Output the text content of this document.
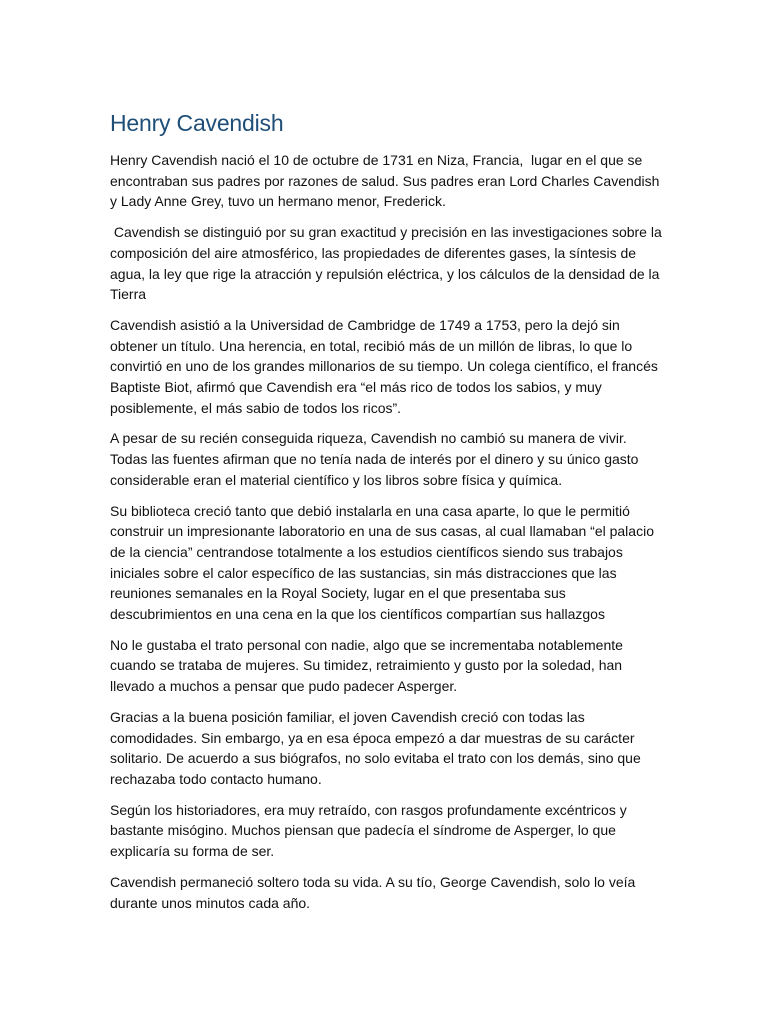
Henry Cavendish

Henry Cavendish nació el 10 de octubre de 1731 en Niza, Francia,  lugar en el que se encontraban sus padres por razones de salud. Sus padres eran Lord Charles Cavendish y Lady Anne Grey, tuvo un hermano menor, Frederick.

Cavendish se distinguió por su gran exactitud y precisión en las investigaciones sobre la composición del aire atmosférico, las propiedades de diferentes gases, la síntesis de agua, la ley que rige la atracción y repulsión eléctrica, y los cálculos de la densidad de la Tierra

Cavendish asistió a la Universidad de Cambridge de 1749 a 1753, pero la dejó sin obtener un título. Una herencia, en total, recibió más de un millón de libras, lo que lo convirtió en uno de los grandes millonarios de su tiempo. Un colega científico, el francés Baptiste Biot, afirmó que Cavendish era “el más rico de todos los sabios, y muy posiblemente, el más sabio de todos los ricos”.

A pesar de su recién conseguida riqueza, Cavendish no cambió su manera de vivir. Todas las fuentes afirman que no tenía nada de interés por el dinero y su único gasto considerable eran el material científico y los libros sobre física y química.

Su biblioteca creció tanto que debió instalarla en una casa aparte, lo que le permitió construir un impresionante laboratorio en una de sus casas, al cual llamaban “el palacio de la ciencia” centrandose totalmente a los estudios científicos siendo sus trabajos iniciales sobre el calor específico de las sustancias, sin más distracciones que las reuniones semanales en la Royal Society, lugar en el que presentaba sus descubrimientos en una cena en la que los científicos compartían sus hallazgos

No le gustaba el trato personal con nadie, algo que se incrementaba notablemente cuando se trataba de mujeres. Su timidez, retraimiento y gusto por la soledad, han llevado a muchos a pensar que pudo padecer Asperger.

Gracias a la buena posición familiar, el joven Cavendish creció con todas las comodidades. Sin embargo, ya en esa época empezó a dar muestras de su carácter solitario. De acuerdo a sus biógrafos, no solo evitaba el trato con los demás, sino que rechazaba todo contacto humano.

Según los historiadores, era muy retraído, con rasgos profundamente excéntricos y bastante misógino. Muchos piensan que padecía el síndrome de Asperger, lo que explicaría su forma de ser.

Cavendish permaneció soltero toda su vida. A su tío, George Cavendish, solo lo veía durante unos minutos cada año.
